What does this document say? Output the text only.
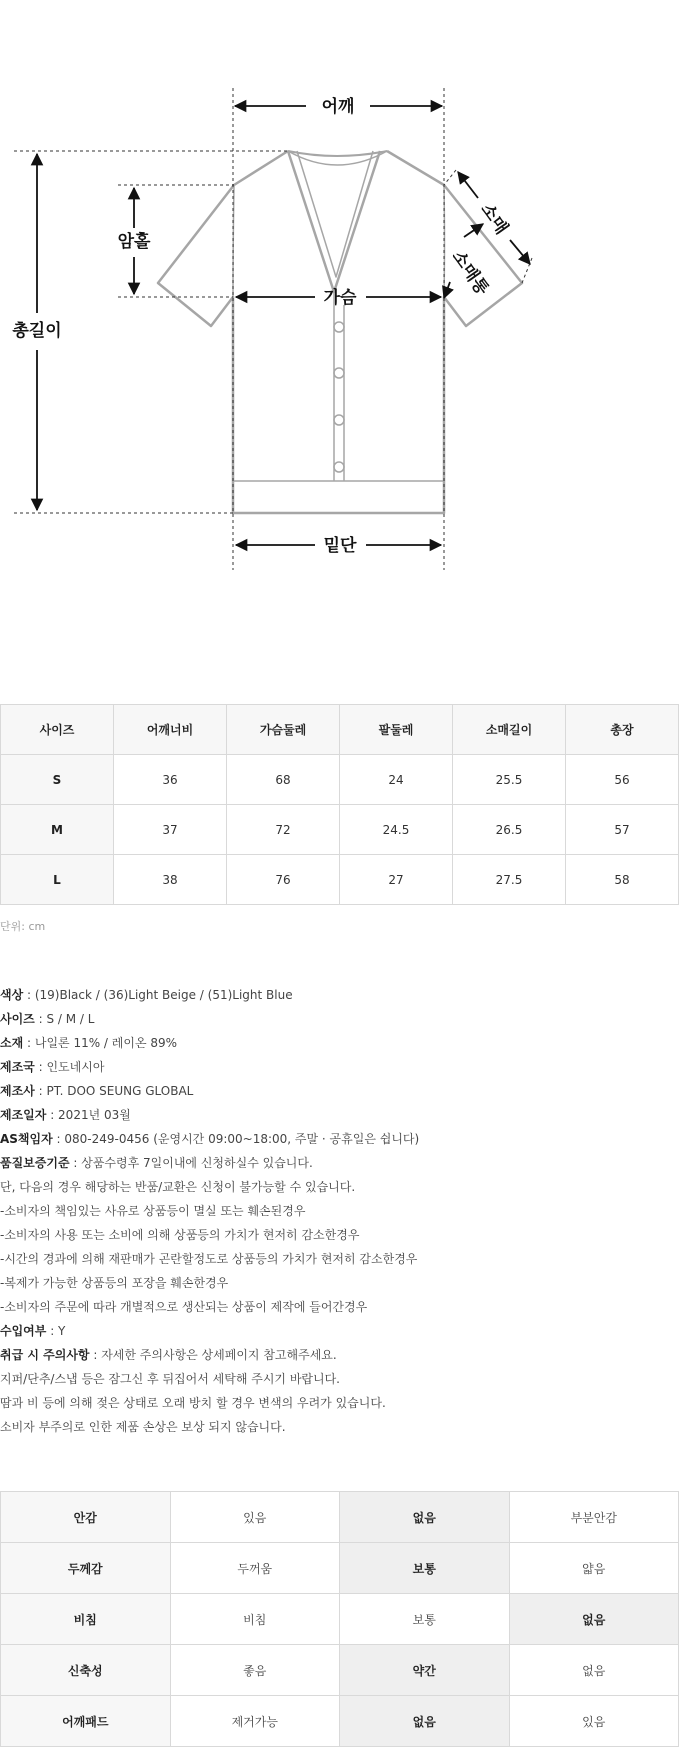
어깨
암홀
총길이
가슴
밑단
소매
소매통
사이즈	어깨너비	가슴둘레	팔둘레	소매길이	총장
S	36	68	24	25.5	56
M	37	72	24.5	26.5	57
L	38	76	27	27.5	58
단위: cm
색상 : (19)Black / (36)Light Beige / (51)Light Blue
사이즈 : S / M / L
소재 : 나일론 11% / 레이온 89%
제조국 : 인도네시아
제조사 : PT. DOO SEUNG GLOBAL
제조일자 : 2021년 03월
AS책임자 : 080-249-0456 (운영시간 09:00~18:00, 주말 · 공휴일은 쉽니다)
품질보증기준 : 상품수령후 7일이내에 신청하실수 있습니다.
단, 다음의 경우 해당하는 반품/교환은 신청이 불가능할 수 있습니다.
-소비자의 책임있는 사유로 상품등이 멸실 또는 훼손된경우
-소비자의 사용 또는 소비에 의해 상품등의 가치가 현저히 감소한경우
-시간의 경과에 의해 재판매가 곤란할정도로 상품등의 가치가 현저히 감소한경우
-복제가 가능한 상품등의 포장을 훼손한경우
-소비자의 주문에 따라 개별적으로 생산되는 상품이 제작에 들어간경우
수입여부 : Y
취급 시 주의사항 : 자세한 주의사항은 상세페이지 참고해주세요.
지퍼/단추/스냅 등은 잠그신 후 뒤집어서 세탁해 주시기 바랍니다.
땀과 비 등에 의해 젖은 상태로 오래 방치 할 경우 변색의 우려가 있습니다.
소비자 부주의로 인한 제품 손상은 보상 되지 않습니다.
안감	있음	없음	부분안감
두께감	두꺼움	보통	얇음
비침	비침	보통	없음
신축성	좋음	약간	없음
어깨패드	제거가능	없음	있음
